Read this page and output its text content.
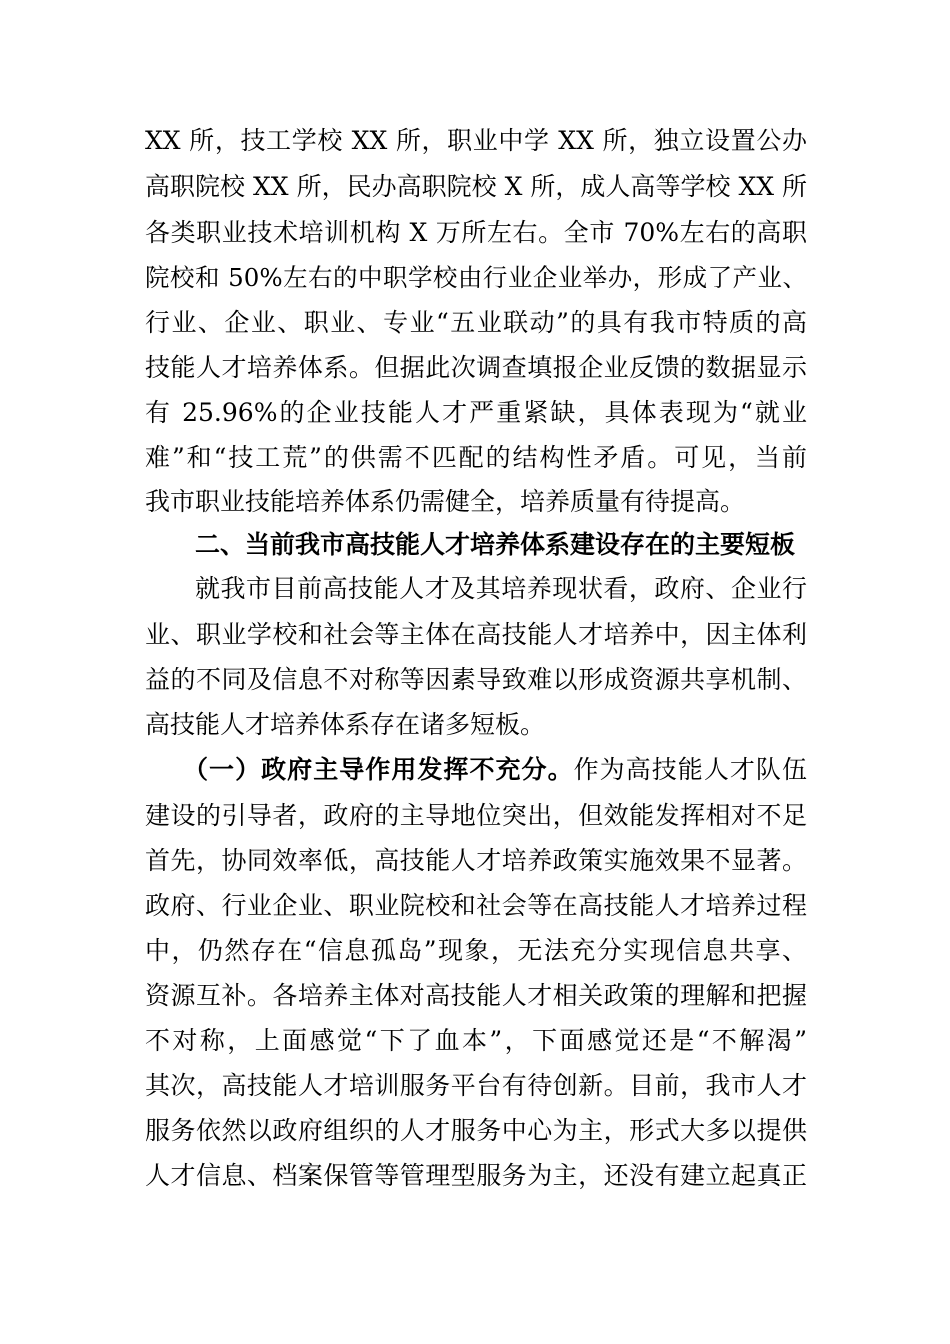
XX 所，技工学校 XX 所，职业中学 XX 所，独立设置公办
高职院校 XX 所，民办高职院校 X 所，成人高等学校 XX 所
各类职业技术培训机构 X 万所左右。全市 70%左右的高职
院校和 50%左右的中职学校由行业企业举办，形成了产业、
行业、企业、职业、专业“五业联动”的具有我市特质的高
技能人才培养体系。但据此次调查填报企业反馈的数据显示
有 25.96%的企业技能人才严重紧缺，具体表现为“就业
难”和“技工荒”的供需不匹配的结构性矛盾。可见，当前
我市职业技能培养体系仍需健全，培养质量有待提高。
二、当前我市高技能人才培养体系建设存在的主要短板
就我市目前高技能人才及其培养现状看，政府、企业行
业、职业学校和社会等主体在高技能人才培养中，因主体利
益的不同及信息不对称等因素导致难以形成资源共享机制、
高技能人才培养体系存在诸多短板。
（一）政府主导作用发挥不充分。作为高技能人才队伍
建设的引导者，政府的主导地位突出，但效能发挥相对不足
首先，协同效率低，高技能人才培养政策实施效果不显著。
政府、行业企业、职业院校和社会等在高技能人才培养过程
中，仍然存在“信息孤岛”现象，无法充分实现信息共享、
资源互补。各培养主体对高技能人才相关政策的理解和把握
不对称，上面感觉“下了血本”，下面感觉还是“不解渴”
其次，高技能人才培训服务平台有待创新。目前，我市人才
服务依然以政府组织的人才服务中心为主，形式大多以提供
人才信息、档案保管等管理型服务为主，还没有建立起真正
